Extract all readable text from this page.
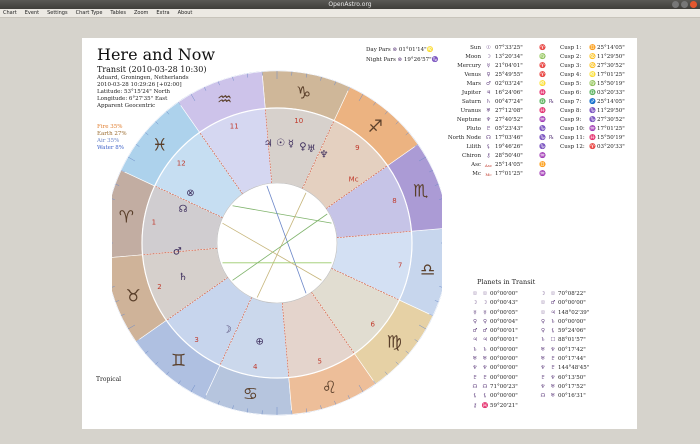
OpenAstro.org
Chart Event Settings Chart Type Tables Zoom Extra About
Here and Now
Transit (2010-03-28 10:30)
Aduard, Groningen, Netherlands
2010-03-28 10:29:26 [+02:00]
Latitude: 53°15'24" North
Longitude: 6°27'35" East
Apparent Geocentric
Fire 35%
Earth 27%
Air 35%
Water 8%
Tropical
Day Pars ⊗ 01°01'14"♌
Night Pars ⊗ 19°26'57"♑
Sun ☉ 07°33'25"	♈
Moon ☽ 13°20'34"	♍
Mercury	☿ 21°04'01"	♈
Venus ♀ 25°49'55"	♈
Mars ♂ 02°03'24"	♌
Jupiter ♃ 16°24'06"	♓
Saturn ♄ 00°47'24"	♎ ℞
Uranus ♅ 27°12'08"	♓
Neptune ♆ 27°40'52"	♒
Pluto ♇ 05°23'43"	♑
North Node ☊ 17°03'46"	♑ ℞
Lilith ⚸ 19°46'26"	♑
Chiron ⚷ 28°50'40"	♒
Asc Asc 25°14'05"	♊
Mc	Mc 17°01'25"	♒
Cusp 1:	♊ 25°14'05"
Cusp 2:	♋ 11°29'50"
Cusp 3:	♋ 27°30'52"
Cusp 4:	♌ 17°01'25"
Cusp 5:	♍ 15°50'19"
Cusp 6:	♎ 03°20'33"
Cusp 7:	♐ 25°14'05"
Cusp 8:	♑ 11°29'50"
Cusp 9:	♑ 27°30'52"
Cusp 10: ♒ 17°01'25"
Cusp 11: ♓ 15°50'19"
Cusp 12: ♈ 03°20'33"
Planets in Transit
☉ ☉ 00°00'00"
☽ ☽ 00°00'43"
☿	☿ 00°00'05"
♀	♀ 00°00'04"
♂ ♂ 00°00'01"
♃ ♃ 00°00'01"
♄ ♄ 00°00'00"
♅ ♅ 00°00'00"
♆ ♆ 00°00'00"
♇ ♇ 00°00'00"
☊ ☊ 71°00'23"
⚸	⚸ 00°00'00"
⚷ ♓ 59°20'21"
☽ ☉ 70°08'22"
☉ ♂ 00°00'00"
☉ ♃ 148°02'39"
♀	♄ 00°00'00"
♀	⚸ 59°24'06"
♄ ☐ 88°01'57"
♅ ♆ 00°17'42"
♅ ♇ 00°17'44"
♆ ♇ 144°48'45"
♇ ♆ 60°13'50"
♆ ♅ 00°17'52"
☊ ♅ 00°16'31"
♈	1
♉ 2
♊
3
♋
4
♌
5
♍
6
♎
7
♏
8
♐
9
♑
10
♒
11
♓
12
♃ ☉ ☿ ♀ ♅
♆
☽
♄
♂
☊
⊗
⊕
Mc
